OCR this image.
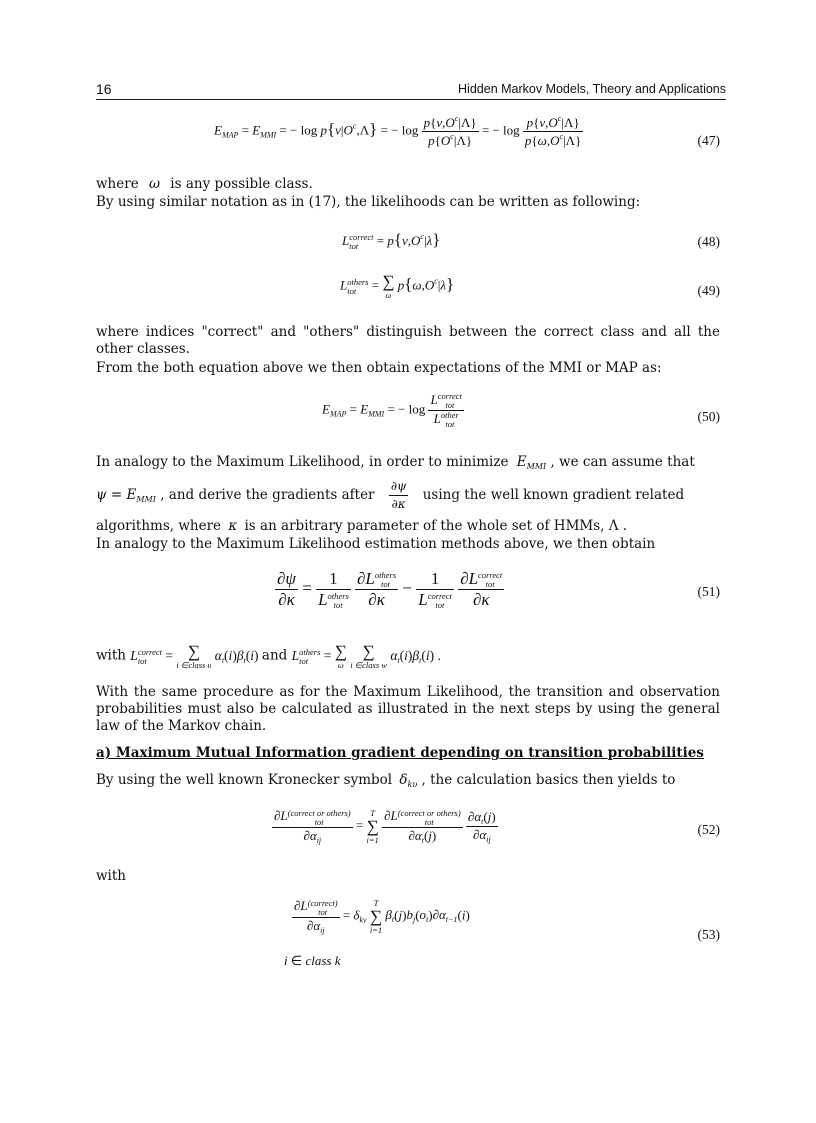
16	Hidden Markov Models, Theory and Applications
$E_{MAP} = E_{MMI}$ = − $\log p\{v|O^c,\Lambda\}$ = − $\log \frac{p\{v,O^c|\Lambda\}}{p\{O^c|\Lambda\}}$ = − $\log \frac{p\{v,O^c|\Lambda\}}{p\{\omega,O^c|\Lambda\}}$	(47)
where ω is any possible class.
By using similar notation as in (17), the likelihoods can be written as following:
Lcorrect
tot = $p\{v,O^c|\lambda\}$	(48)
Lothers
tot = ∑
ω
$p\{\omega,O^c|\lambda\}$	(49)
where indices "correct" and "others" distinguish between the correct class and all the other classes.
From the both equation above we then obtain expectations of the MMI or MAP as:
$E_{MAP} = E_{MMI}$ = − log
Lcorrect
tot
Lother
tot
(50)
In analogy to the Maximum Likelihood, in order to minimize $E_{MMI}$ , we can assume that
$\psi = E_{MMI}$ , and derive the gradients after $\frac{\partial\psi}{\partial\kappa}$ using the well known gradient related
algorithms, where κ is an arbitrary parameter of the whole set of HMMs, Λ .
In analogy to the Maximum Likelihood estimation methods above, we then obtain
$\frac{\partial\psi}{\partial\kappa} = 1$
Lothers
tot

∂Lothers
tot
∂κ
− 1
Lcorrect
tot

∂Lcorrect
tot
∂κ	(51)
with Lcorrect
tot = ∑
i ∈class υ
$\alpha_t(i)\beta_t(i)$ and Lothers
tot = ∑
ω

∑
i ∈class w
$\alpha_t(i)\beta_t(i)$ .
With the same procedure as for the Maximum Likelihood, the transition and observation probabilities must also be calculated as illustrated in the next steps by using the general law of the Markov chain.
a) Maximum Mutual Information gradient depending on transition probabilities
By using the well known Kronecker symbol $\delta_{k\upsilon}$ , the calculation basics then yields to
∂L(correct or others)
tot
$\partial\alpha_{ij}$
=
T
∑
i=1

∂L(correct or others)
tot
$\partial\alpha_t(j)$
	$\frac{\partial\alpha_t(j)}{\partial\alpha_{ij}}$	(52)
with
∂L(correct)
tot
$\partial\alpha_{ij}$
= $\delta_{kv}$
T
∑
i=1
$\beta_t(j)b_j(o_t)\partial\alpha_{t-1}(i)$
i ∈ class k
(53)
